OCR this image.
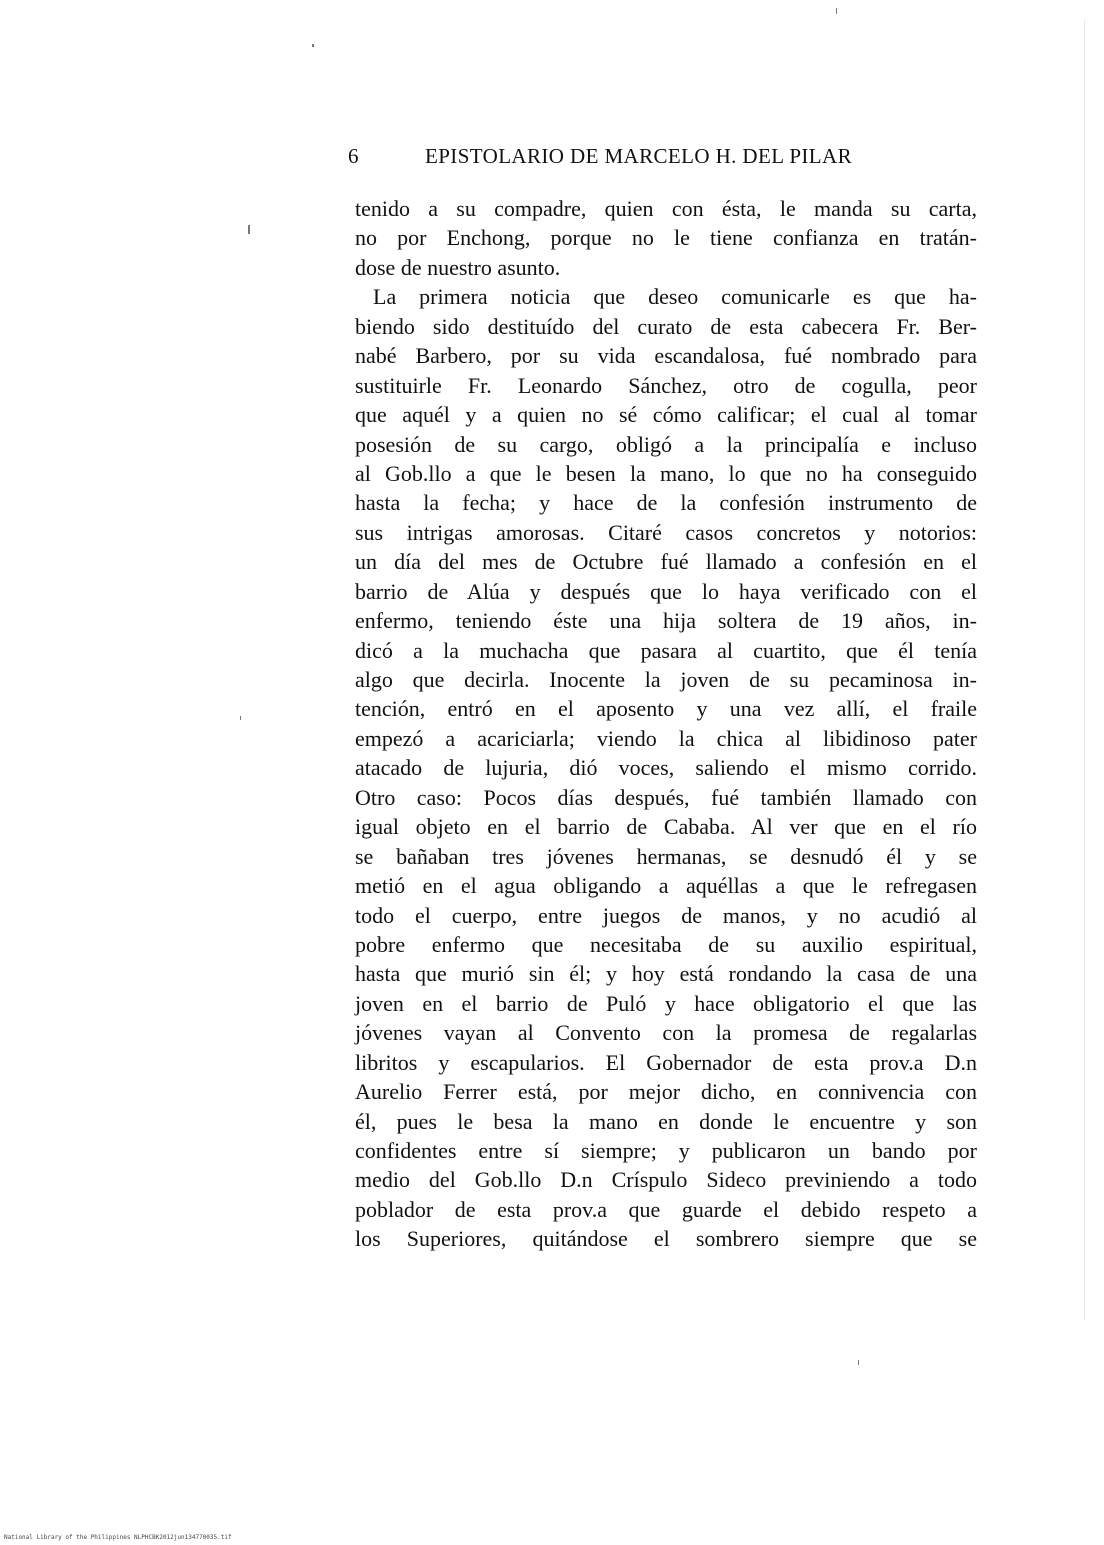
6	EPISTOLARIO DE MARCELO H. DEL PILAR
tenido a su compadre, quien con ésta, le manda su carta,
no por Enchong, porque no le tiene confianza en tratán-
dose de nuestro asunto.
La primera noticia que deseo comunicarle es que ha-
biendo sido destituído del curato de esta cabecera Fr. Ber-
nabé Barbero, por su vida escandalosa, fué nombrado para
sustituirle Fr. Leonardo Sánchez, otro de cogulla, peor
que aquél y a quien no sé cómo calificar; el cual al tomar
posesión de su cargo, obligó a la principalía e incluso
al Gob.llo a que le besen la mano, lo que no ha conseguido
hasta la fecha; y hace de la confesión instrumento de
sus intrigas amorosas. Citaré casos concretos y notorios:
un día del mes de Octubre fué llamado a confesión en el
barrio de Alúa y después que lo haya verificado con el
enfermo, teniendo éste una hija soltera de 19 años, in-
dicó a la muchacha que pasara al cuartito, que él tenía
algo que decirla. Inocente la joven de su pecaminosa in-
tención, entró en el aposento y una vez allí, el fraile
empezó a acariciarla; viendo la chica al libidinoso pater
atacado de lujuria, dió voces, saliendo el mismo corrido.
Otro caso: Pocos días después, fué también llamado con
igual objeto en el barrio de Cababa. Al ver que en el río
se bañaban tres jóvenes hermanas, se desnudó él y se
metió en el agua obligando a aquéllas a que le refregasen
todo el cuerpo, entre juegos de manos, y no acudió al
pobre enfermo que necesitaba de su auxilio espiritual,
hasta que murió sin él; y hoy está rondando la casa de una
joven en el barrio de Puló y hace obligatorio el que las
jóvenes vayan al Convento con la promesa de regalarlas
libritos y escapularios. El Gobernador de esta prov.a D.n
Aurelio Ferrer está, por mejor dicho, en connivencia con
él, pues le besa la mano en donde le encuentre y son
confidentes entre sí siempre; y publicaron un bando por
medio del Gob.llo D.n Críspulo Sideco previniendo a todo
poblador de esta prov.a que guarde el debido respeto a
los Superiores, quitándose el sombrero siempre que se
National Library of the Philippines NLPHCBK2012jun134770035.tif
